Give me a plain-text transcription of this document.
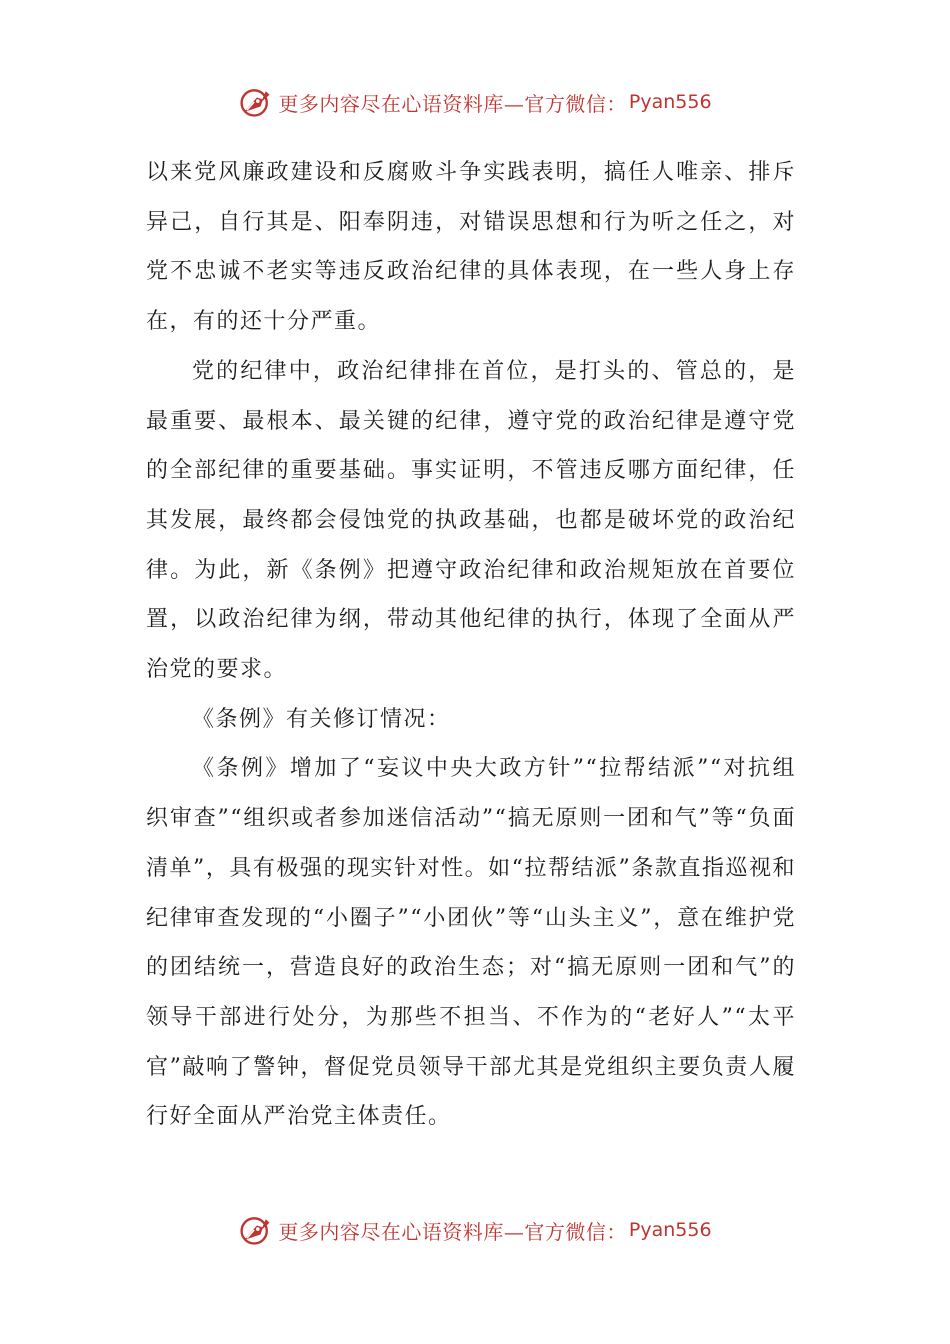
更多内容尽在心语资料库—官方微信： Pyan556

以来党风廉政建设和反腐败斗争实践表明，搞任人唯亲、排斥异己，自行其是、阳奉阴违，对错误思想和行为听之任之，对党不忠诚不老实等违反政治纪律的具体表现，在一些人身上存在，有的还十分严重。

党的纪律中，政治纪律排在首位，是打头的、管总的，是最重要、最根本、最关键的纪律，遵守党的政治纪律是遵守党的全部纪律的重要基础。事实证明，不管违反哪方面纪律，任其发展，最终都会侵蚀党的执政基础，也都是破坏党的政治纪律。为此，新《条例》把遵守政治纪律和政治规矩放在首要位置，以政治纪律为纲，带动其他纪律的执行，体现了全面从严治党的要求。

《条例》有关修订情况：

《条例》增加了“妄议中央大政方针”“拉帮结派”“对抗组织审查”“组织或者参加迷信活动”“搞无原则一团和气”等“负面清单”，具有极强的现实针对性。如“拉帮结派”条款直指巡视和纪律审查发现的“小圈子”“小团伙”等“山头主义”，意在维护党的团结统一，营造良好的政治生态；对“搞无原则一团和气”的领导干部进行处分，为那些不担当、不作为的“老好人”“太平官”敲响了警钟，督促党员领导干部尤其是党组织主要负责人履行好全面从严治党主体责任。

更多内容尽在心语资料库—官方微信： Pyan556
